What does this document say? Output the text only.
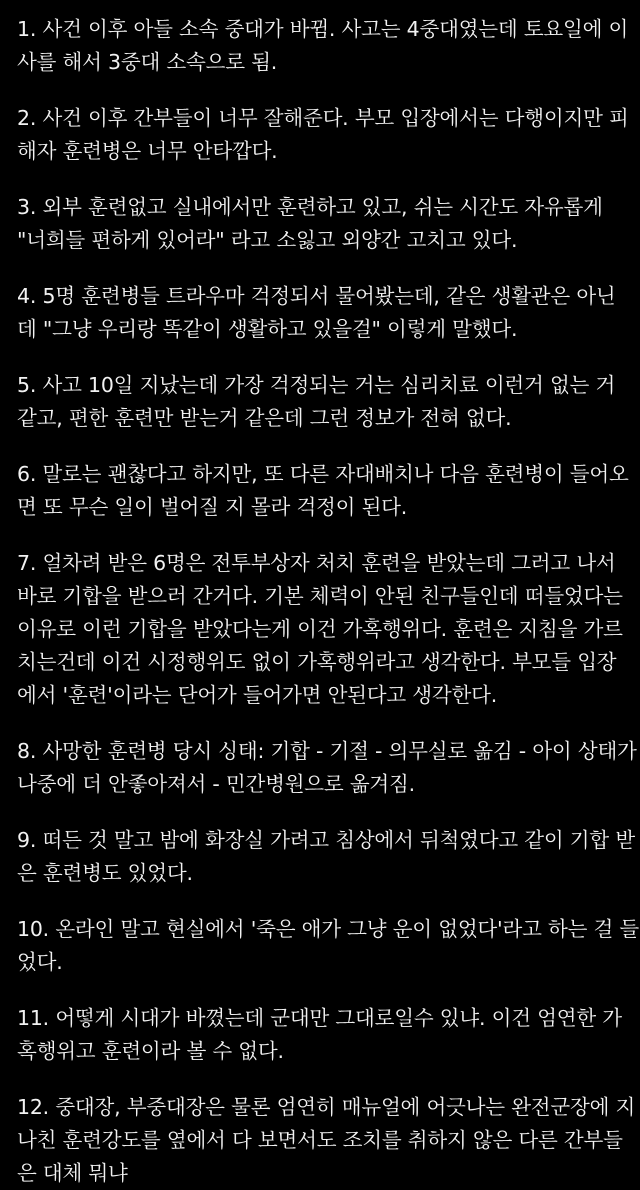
1. 사건 이후 아들 소속 중대가 바뀜. 사고는 4중대였는데 토요일에 이
사를 해서 3중대 소속으로 됨.
2. 사건 이후 간부들이 너무 잘해준다. 부모 입장에서는 다행이지만 피
해자 훈련병은 너무 안타깝다.
3. 외부 훈련없고 실내에서만 훈련하고 있고, 쉬는 시간도 자유롭게
"너희들 편하게 있어라" 라고 소잃고 외양간 고치고 있다.
4. 5명 훈련병들 트라우마 걱정되서 물어봤는데, 같은 생활관은 아닌
데 "그냥 우리랑 똑같이 생활하고 있을걸" 이렇게 말했다.
5. 사고 10일 지났는데 가장 걱정되는 거는 심리치료 이런거 없는 거
같고, 편한 훈련만 받는거 같은데 그런 정보가 전혀 없다.
6. 말로는 괜찮다고 하지만, 또 다른 자대배치나 다음 훈련병이 들어오
면 또 무슨 일이 벌어질 지 몰라 걱정이 된다.
7. 얼차려 받은 6명은 전투부상자 처치 훈련을 받았는데 그러고 나서
바로 기합을 받으러 간거다. 기본 체력이 안된 친구들인데 떠들었다는
이유로 이런 기합을 받았다는게 이건 가혹행위다. 훈련은 지침을 가르
치는건데 이건 시정행위도 없이 가혹행위라고 생각한다. 부모들 입장
에서 '훈련'이라는 단어가 들어가면 안된다고 생각한다.
8. 사망한 훈련병 당시 싱태: 기합 - 기절 - 의무실로 옮김 - 아이 상태가
나중에 더 안좋아져서 - 민간병원으로 옮겨짐.
9. 떠든 것 말고 밤에 화장실 가려고 침상에서 뒤척였다고 같이 기합 받
은 훈련병도 있었다.
10. 온라인 말고 현실에서 '죽은 애가 그냥 운이 없었다'라고 하는 걸 들
었다.
11. 어떻게 시대가 바꼈는데 군대만 그대로일수 있냐. 이건 엄연한 가
혹행위고 훈련이라 볼 수 없다.
12. 중대장, 부중대장은 물론 엄연히 매뉴얼에 어긋나는 완전군장에 지
나친 훈련강도를 옆에서 다 보면서도 조치를 취하지 않은 다른 간부들
은 대체 뭐냐
